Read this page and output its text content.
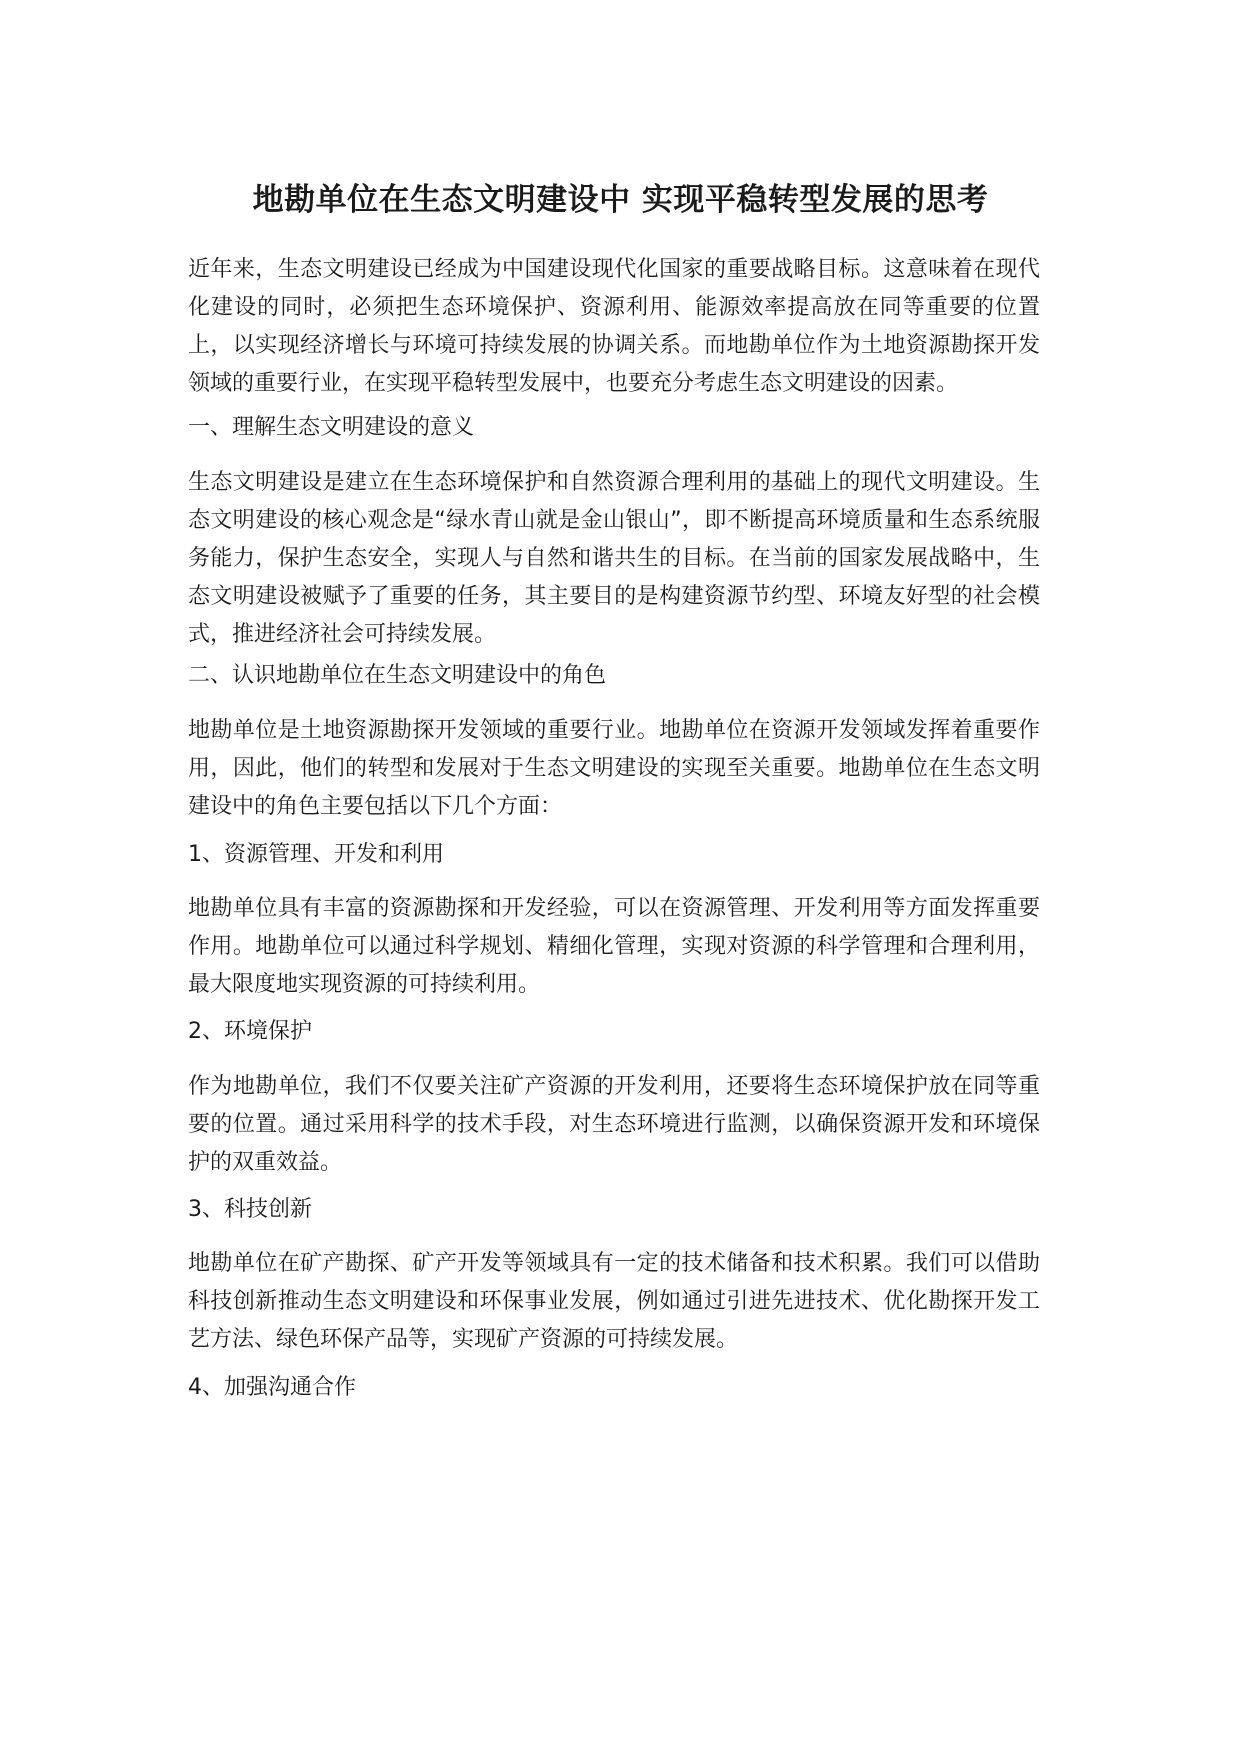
地勘单位在生态文明建设中 实现平稳转型发展的思考

近年来，生态文明建设已经成为中国建设现代化国家的重要战略目标。这意味着在现代化建设的同时，必须把生态环境保护、资源利用、能源效率提高放在同等重要的位置上，以实现经济增长与环境可持续发展的协调关系。而地勘单位作为土地资源勘探开发领域的重要行业，在实现平稳转型发展中，也要充分考虑生态文明建设的因素。

一、理解生态文明建设的意义

生态文明建设是建立在生态环境保护和自然资源合理利用的基础上的现代文明建设。生态文明建设的核心观念是“绿水青山就是金山银山”，即不断提高环境质量和生态系统服务能力，保护生态安全，实现人与自然和谐共生的目标。在当前的国家发展战略中，生态文明建设被赋予了重要的任务，其主要目的是构建资源节约型、环境友好型的社会模式，推进经济社会可持续发展。

二、认识地勘单位在生态文明建设中的角色

地勘单位是土地资源勘探开发领域的重要行业。地勘单位在资源开发领域发挥着重要作用，因此，他们的转型和发展对于生态文明建设的实现至关重要。地勘单位在生态文明建设中的角色主要包括以下几个方面：

1、资源管理、开发和利用

地勘单位具有丰富的资源勘探和开发经验，可以在资源管理、开发利用等方面发挥重要作用。地勘单位可以通过科学规划、精细化管理，实现对资源的科学管理和合理利用，最大限度地实现资源的可持续利用。

2、环境保护

作为地勘单位，我们不仅要关注矿产资源的开发利用，还要将生态环境保护放在同等重要的位置。通过采用科学的技术手段，对生态环境进行监测，以确保资源开发和环境保护的双重效益。

3、科技创新

地勘单位在矿产勘探、矿产开发等领域具有一定的技术储备和技术积累。我们可以借助科技创新推动生态文明建设和环保事业发展，例如通过引进先进技术、优化勘探开发工艺方法、绿色环保产品等，实现矿产资源的可持续发展。

4、加强沟通合作
